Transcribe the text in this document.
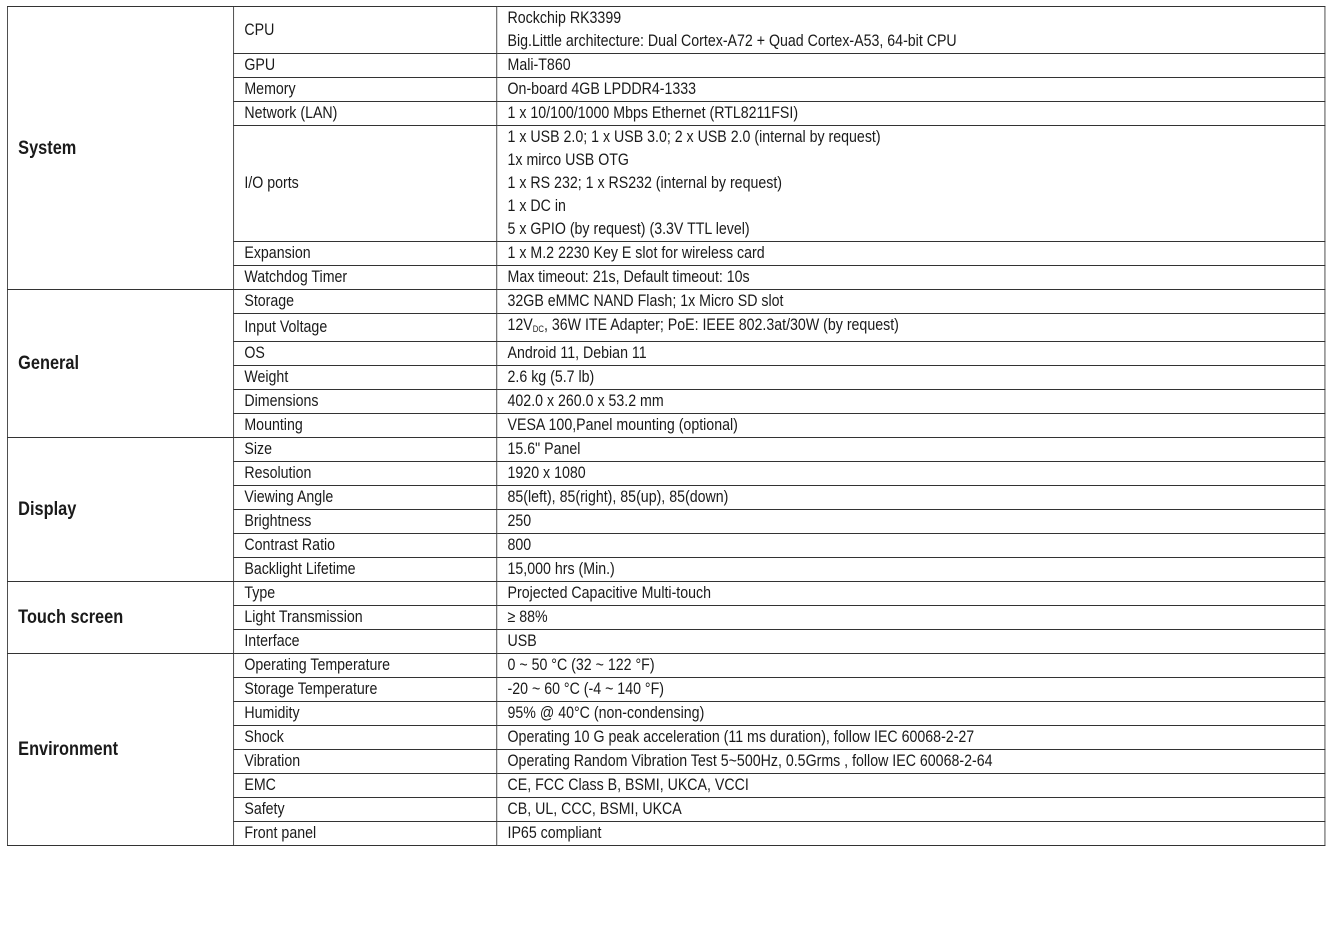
System	CPU	Rockchip RK3399
Big.Little architecture: Dual Cortex-A72 + Quad Cortex-A53, 64-bit CPU

	GPU	Mali-T860

	Memory	On-board 4GB LPDDR4-1333

	Network (LAN)	1 x 10/100/1000 Mbps Ethernet (RTL8211FSI)

	I/O ports	1 x USB 2.0; 1 x USB 3.0; 2 x USB 2.0 (internal by request)
1x mirco USB OTG
1 x RS 232; 1 x RS232 (internal by request)
1 x DC in
5 x GPIO (by request) (3.3V TTL level)

	Expansion	1 x M.2 2230 Key E slot for wireless card

	Watchdog Timer	Max timeout: 21s, Default timeout: 10s

General	Storage	32GB eMMC NAND Flash; 1x Micro SD slot

	Input Voltage	$12V_{DC}$, 36W ITE Adapter; PoE: IEEE 802.3at/30W (by request)
	OS	Android 11, Debian 11

	Weight	2.6 kg (5.7 lb)

	Dimensions	402.0 x 260.0 x 53.2 mm

	Mounting	VESA 100,Panel mounting (optional)

Display	Size	15.6" Panel

	Resolution	1920 x 1080

	Viewing Angle	85(left), 85(right), 85(up), 85(down)

	Brightness	250

	Contrast Ratio	800

	Backlight Lifetime	15,000 hrs (Min.)

Touch screen	Type	Projected Capacitive Multi-touch

	Light Transmission	≥ 88%

	Interface	USB

Environment	Operating Temperature	0 ~ 50 °C (32 ~ 122 °F)

	Storage Temperature	-20 ~ 60 °C (-4 ~ 140 °F)

	Humidity	95% @ 40°C (non-condensing)

	Shock	Operating 10 G peak acceleration (11 ms duration), follow IEC 60068-2-27

	Vibration	Operating Random Vibration Test 5~500Hz, 0.5Grms , follow IEC 60068-2-64

	EMC	CE, FCC Class B, BSMI, UKCA, VCCI

	Safety	CB, UL, CCC, BSMI, UKCA

	Front panel	IP65 compliant
